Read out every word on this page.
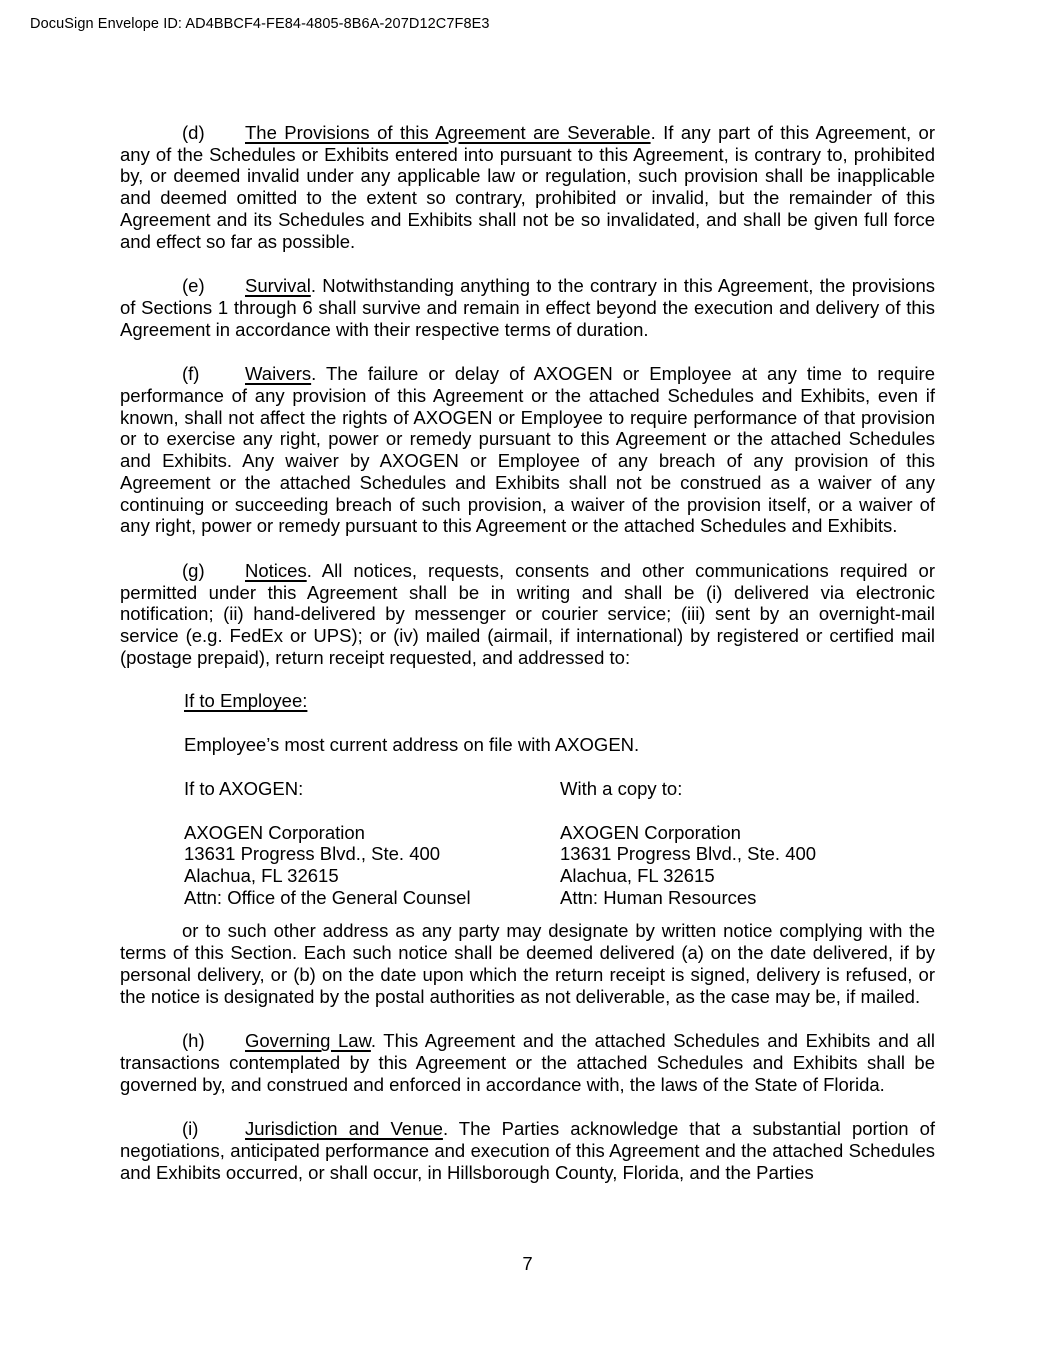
DocuSign Envelope ID: AD4BBCF4-FE84-4805-8B6A-207D12C7F8E3

(d) The Provisions of this Agreement are Severable. If any part of this Agreement, or any of the Schedules or Exhibits entered into pursuant to this Agreement, is contrary to, prohibited by, or deemed invalid under any applicable law or regulation, such provision shall be inapplicable and deemed omitted to the extent so contrary, prohibited or invalid, but the remainder of this Agreement and its Schedules and Exhibits shall not be so invalidated, and shall be given full force and effect so far as possible.

(e) Survival. Notwithstanding anything to the contrary in this Agreement, the provisions of Sections 1 through 6 shall survive and remain in effect beyond the execution and delivery of this Agreement in accordance with their respective terms of duration.

(f) Waivers. The failure or delay of AXOGEN or Employee at any time to require performance of any provision of this Agreement or the attached Schedules and Exhibits, even if known, shall not affect the rights of AXOGEN or Employee to require performance of that provision or to exercise any right, power or remedy pursuant to this Agreement or the attached Schedules and Exhibits. Any waiver by AXOGEN or Employee of any breach of any provision of this Agreement or the attached Schedules and Exhibits shall not be construed as a waiver of any continuing or succeeding breach of such provision, a waiver of the provision itself, or a waiver of any right, power or remedy pursuant to this Agreement or the attached Schedules and Exhibits.

(g) Notices. All notices, requests, consents and other communications required or permitted under this Agreement shall be in writing and shall be (i) delivered via electronic notification; (ii) hand-delivered by messenger or courier service; (iii) sent by an overnight-mail service (e.g. FedEx or UPS); or (iv) mailed (airmail, if international) by registered or certified mail (postage prepaid), return receipt requested, and addressed to:

If to Employee:
Employee’s most current address on file with AXOGEN.
If to AXOGEN:	With a copy to:
AXOGEN Corporation
13631 Progress Blvd., Ste. 400
Alachua, FL 32615
Attn: Office of the General Counsel
AXOGEN Corporation
13631 Progress Blvd., Ste. 400
Alachua, FL 32615
Attn: Human Resources

or to such other address as any party may designate by written notice complying with the terms of this Section. Each such notice shall be deemed delivered (a) on the date delivered, if by personal delivery, or (b) on the date upon which the return receipt is signed, delivery is refused, or the notice is designated by the postal authorities as not deliverable, as the case may be, if mailed.

(h) Governing Law. This Agreement and the attached Schedules and Exhibits and all transactions contemplated by this Agreement or the attached Schedules and Exhibits shall be governed by, and construed and enforced in accordance with, the laws of the State of Florida.

(i)	Jurisdiction and Venue. The Parties acknowledge that a substantial portion of negotiations, anticipated performance and execution of this Agreement and the attached Schedules and Exhibits occurred, or shall occur, in Hillsborough County, Florida, and the Parties

7
